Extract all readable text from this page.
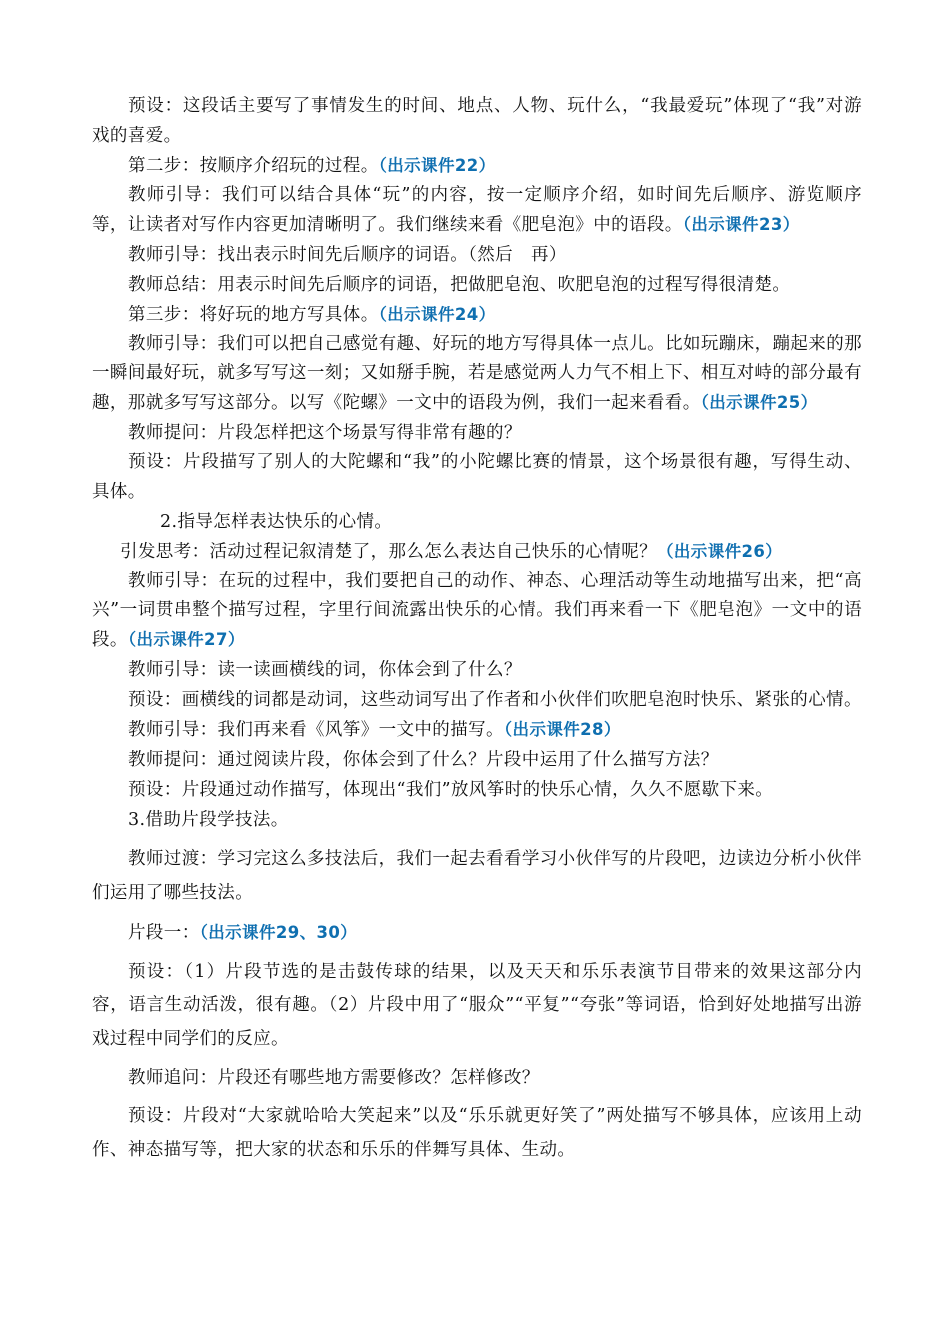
预设：这段话主要写了事情发生的时间、地点、人物、玩什么，“我最爱玩”体现了“我”对游戏的喜爱。

第二步：按顺序介绍玩的过程。（出示课件22）

教师引导：我们可以结合具体“玩”的内容，按一定顺序介绍，如时间先后顺序、游览顺序等，让读者对写作内容更加清晰明了。我们继续来看《肥皂泡》中的语段。（出示课件23）

教师引导：找出表示时间先后顺序的词语。（然后　再）

教师总结：用表示时间先后顺序的词语，把做肥皂泡、吹肥皂泡的过程写得很清楚。

第三步：将好玩的地方写具体。（出示课件24）

教师引导：我们可以把自己感觉有趣、好玩的地方写得具体一点儿。比如玩蹦床，蹦起来的那一瞬间最好玩，就多写写这一刻；又如掰手腕，若是感觉两人力气不相上下、相互对峙的部分最有趣，那就多写写这部分。以写《陀螺》一文中的语段为例，我们一起来看看。（出示课件25）

教师提问：片段怎样把这个场景写得非常有趣的？

预设：片段描写了别人的大陀螺和“我”的小陀螺比赛的情景，这个场景很有趣，写得生动、具体。

2.指导怎样表达快乐的心情。

引发思考：活动过程记叙清楚了，那么怎么表达自己快乐的心情呢？（出示课件26）

教师引导：在玩的过程中，我们要把自己的动作、神态、心理活动等生动地描写出来，把“高兴”一词贯串整个描写过程，字里行间流露出快乐的心情。我们再来看一下《肥皂泡》一文中的语段。（出示课件27）

教师引导：读一读画横线的词，你体会到了什么？

预设：画横线的词都是动词，这些动词写出了作者和小伙伴们吹肥皂泡时快乐、紧张的心情。

教师引导：我们再来看《风筝》一文中的描写。（出示课件28）

教师提问：通过阅读片段，你体会到了什么？片段中运用了什么描写方法？

预设：片段通过动作描写，体现出“我们”放风筝时的快乐心情，久久不愿歇下来。

3.借助片段学技法。

教师过渡：学习完这么多技法后，我们一起去看看学习小伙伴写的片段吧，边读边分析小伙伴们运用了哪些技法。

片段一：（出示课件29、30）

预设：（1）片段节选的是击鼓传球的结果，以及天天和乐乐表演节目带来的效果这部分内容，语言生动活泼，很有趣。（2）片段中用了“服众”“平复”“夸张”等词语，恰到好处地描写出游戏过程中同学们的反应。

教师追问：片段还有哪些地方需要修改？怎样修改？

预设：片段对“大家就哈哈大笑起来”以及“乐乐就更好笑了”两处描写不够具体，应该用上动作、神态描写等，把大家的状态和乐乐的伴舞写具体、生动。
